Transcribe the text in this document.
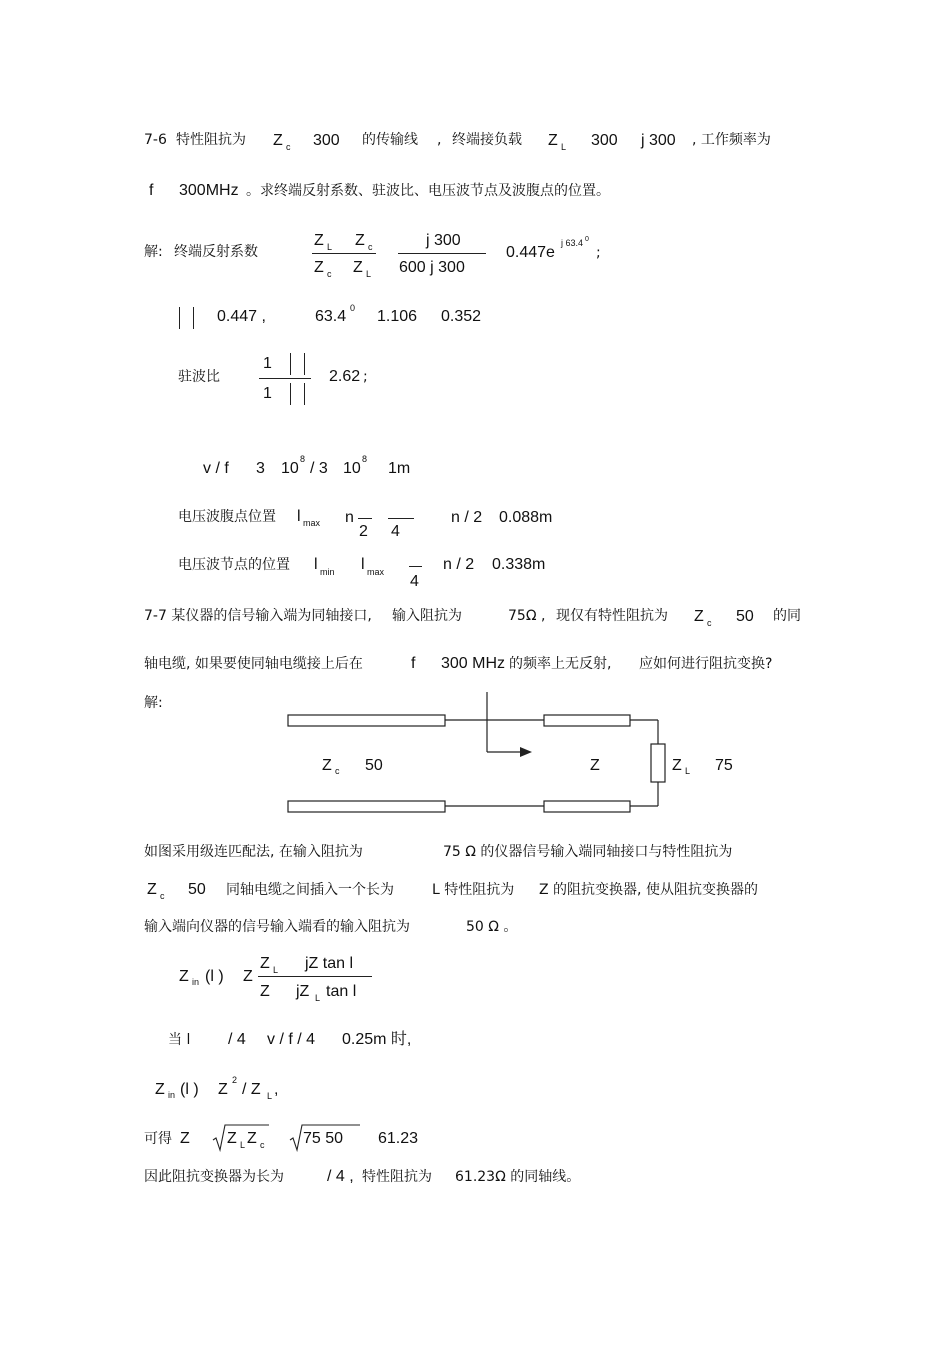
7-6 特性阻抗为 Z c 300 的传输线 , 终端接负载 Z L 300 j 300 , 工作频率为
f 300MHz 。求终端反射系数、驻波比、电压波节点及波腹点的位置。
解: 终端反射系数
Z L Z c
Z c Z L
j 300
600 j 300
0.447e
j 63.4 0
;
0.447 ,	63.4 0 1.106 0.352
驻波比
1
1
2.62 ;
v / f 3 10
8
/ 3 10
8
1m
电压波腹点位置 l max n
2 4
n / 2 0.088m
电压波节点的位置 l min l max
4
n / 2 0.338m
7-7 某仪器的信号输入端为同轴接口, 输入阻抗为	75Ω , 现仅有特性阻抗为 Z c 50 的同
轴电缆, 如果要使同轴电缆接上后在	f 300 MHz 的频率上无反射, 应如何进行阻抗变换?
解:
Z c 50	Z	Z L 75
如图采用级连匹配法, 在输入阻抗为	75 Ω 的仪器信号输入端同轴接口与特性阻抗为
Z c 50 同轴电缆之间插入一个长为	L 特性阻抗为 Z 的阻抗变换器, 使从阻抗变换器的
输入端向仪器的信号输入端看的输入阻抗为	50 Ω 。
Z in (l ) Z
Z L jZ tan l
Z jZ L tan l
当 l / 4 v / f / 4 0.25m 时,
Z in (l ) Z
2
/ Z L ,
可得 Z Z L Z c 75 50 61.23
因此阻抗变换器为长为	/ 4 , 特性阻抗为 61.23Ω 的同轴线。
